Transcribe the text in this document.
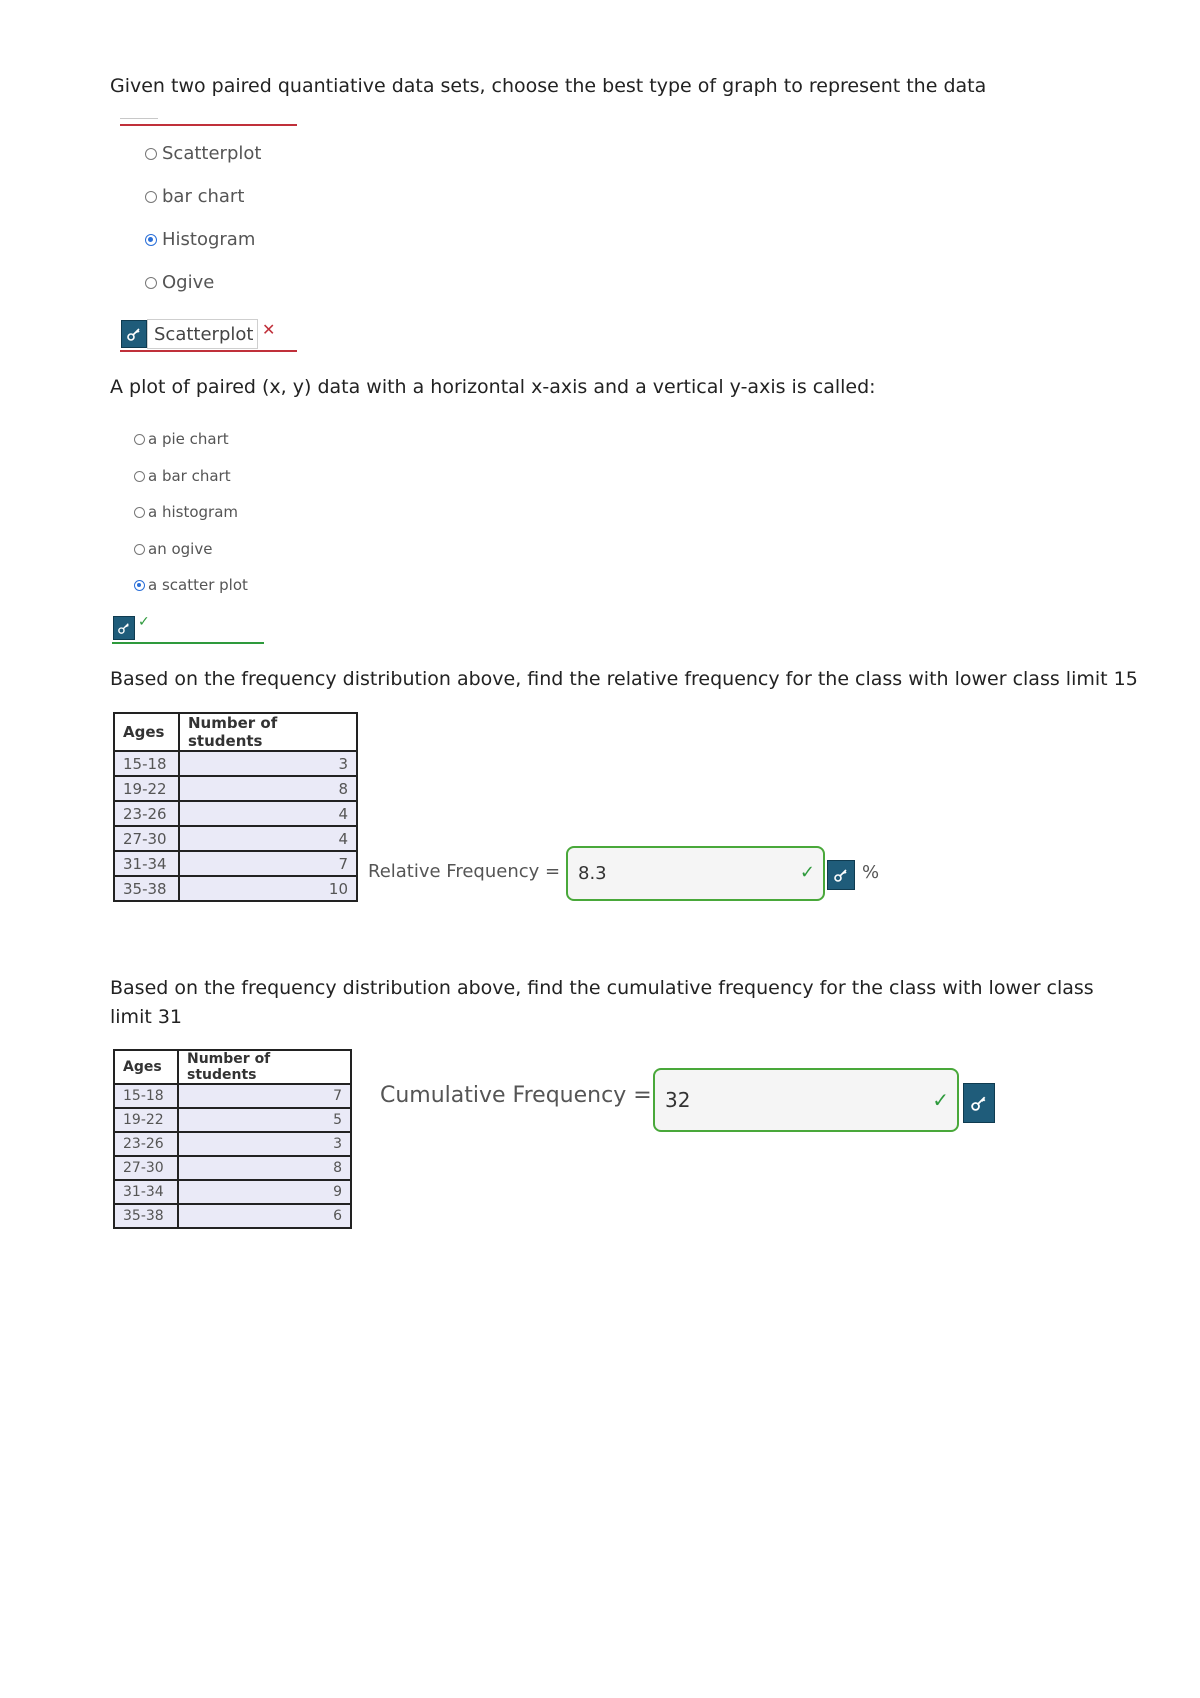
Given two paired quantiative data sets, choose the best type of graph to represent the data
Scatterplot
bar chart
Histogram
Ogive
Scatterplot ✕
A plot of paired (x, y) data with a horizontal x-axis and a vertical y-axis is called:
a pie chart
a bar chart
a histogram
an ogive
a scatter plot
✓
Based on the frequency distribution above, find the relative frequency for the class with lower class limit 15
Ages	Number of students
15-18	3
19-22	8
23-26	4
27-30	4
31-34	7
35-38	10
Relative Frequency = 8.3	✓	%
Based on the frequency distribution above, find the cumulative frequency for the class with lower class limit 31
Ages	Number of students
15-18	7
19-22	5
23-26	3
27-30	8
31-34	9
35-38	6
Cumulative Frequency = 32	✓
